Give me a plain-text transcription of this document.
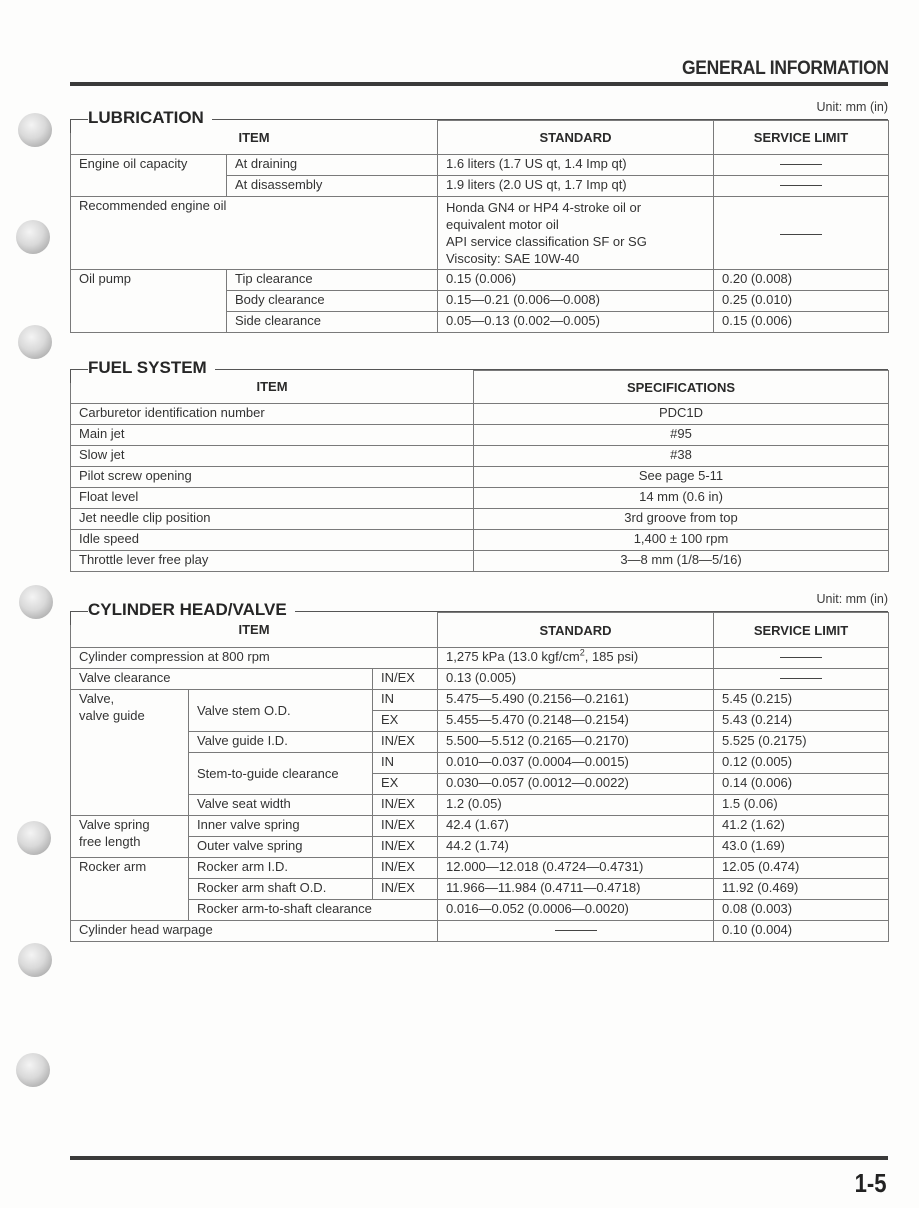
GENERAL INFORMATION
Unit: mm (in)
LUBRICATION
ITEM		STANDARD	SERVICE LIMIT
Engine oil capacity	At draining	1.6 liters (1.7 US qt, 1.4 Imp qt)	
	At disassembly	1.9 liters (2.0 US qt, 1.7 Imp qt)	
Recommended engine oil		Honda GN4 or HP4 4-stroke oil or
equivalent motor oil
API service classification SF or SG
Viscosity: SAE 10W-40	

Oil pump	Tip clearance	0.15 (0.006)	0.20 (0.008)
	Body clearance	0.15—0.21 (0.006—0.008)	0.25 (0.010)
	Side clearance	0.05—0.13 (0.002—0.005)	0.15 (0.006)
FUEL SYSTEM
ITEM	SPECIFICATIONS
Carburetor identification number	PDC1D
Main jet	#95
Slow jet	#38
Pilot screw opening	See page 5-11
Float level	14 mm (0.6 in)
Jet needle clip position	3rd groove from top
Idle speed	1,400 ± 100 rpm
Throttle lever free play	3—8 mm (1/8—5/16)
Unit: mm (in)
CYLINDER HEAD/VALVE
ITEM			STANDARD	SERVICE LIMIT
Cylinder compression at 800 rpm			1,275 kPa (13.0 kgf/$cm^2$, 185 psi)	
Valve clearance		IN/EX	0.13 (0.005)	

Valve,
valve guide	Valve stem O.D.	IN	5.475—5.490 (0.2156—0.2161)	5.45 (0.215)
		EX	5.455—5.470 (0.2148—0.2154)	5.43 (0.214)
	Valve guide I.D.	IN/EX	5.500—5.512 (0.2165—0.2170)	5.525 (0.2175)
	Stem-to-guide clearance	IN	0.010—0.037 (0.0004—0.0015)	0.12 (0.005)
		EX	0.030—0.057 (0.0012—0.0022)	0.14 (0.006)
	Valve seat width	IN/EX	1.2 (0.05)	1.5 (0.06)

Valve spring
free length	Inner valve spring	IN/EX	42.4 (1.67)	41.2 (1.62)
	Outer valve spring	IN/EX	44.2 (1.74)	43.0 (1.69)
Rocker arm	Rocker arm I.D.	IN/EX	12.000—12.018 (0.4724—0.4731)	12.05 (0.474)
	Rocker arm shaft O.D.	IN/EX	11.966—11.984 (0.4711—0.4718)	11.92 (0.469)
	Rocker arm-to-shaft clearance		0.016—0.052 (0.0006—0.0020)	0.08 (0.003)
Cylinder head warpage				0.10 (0.004)
1-5
